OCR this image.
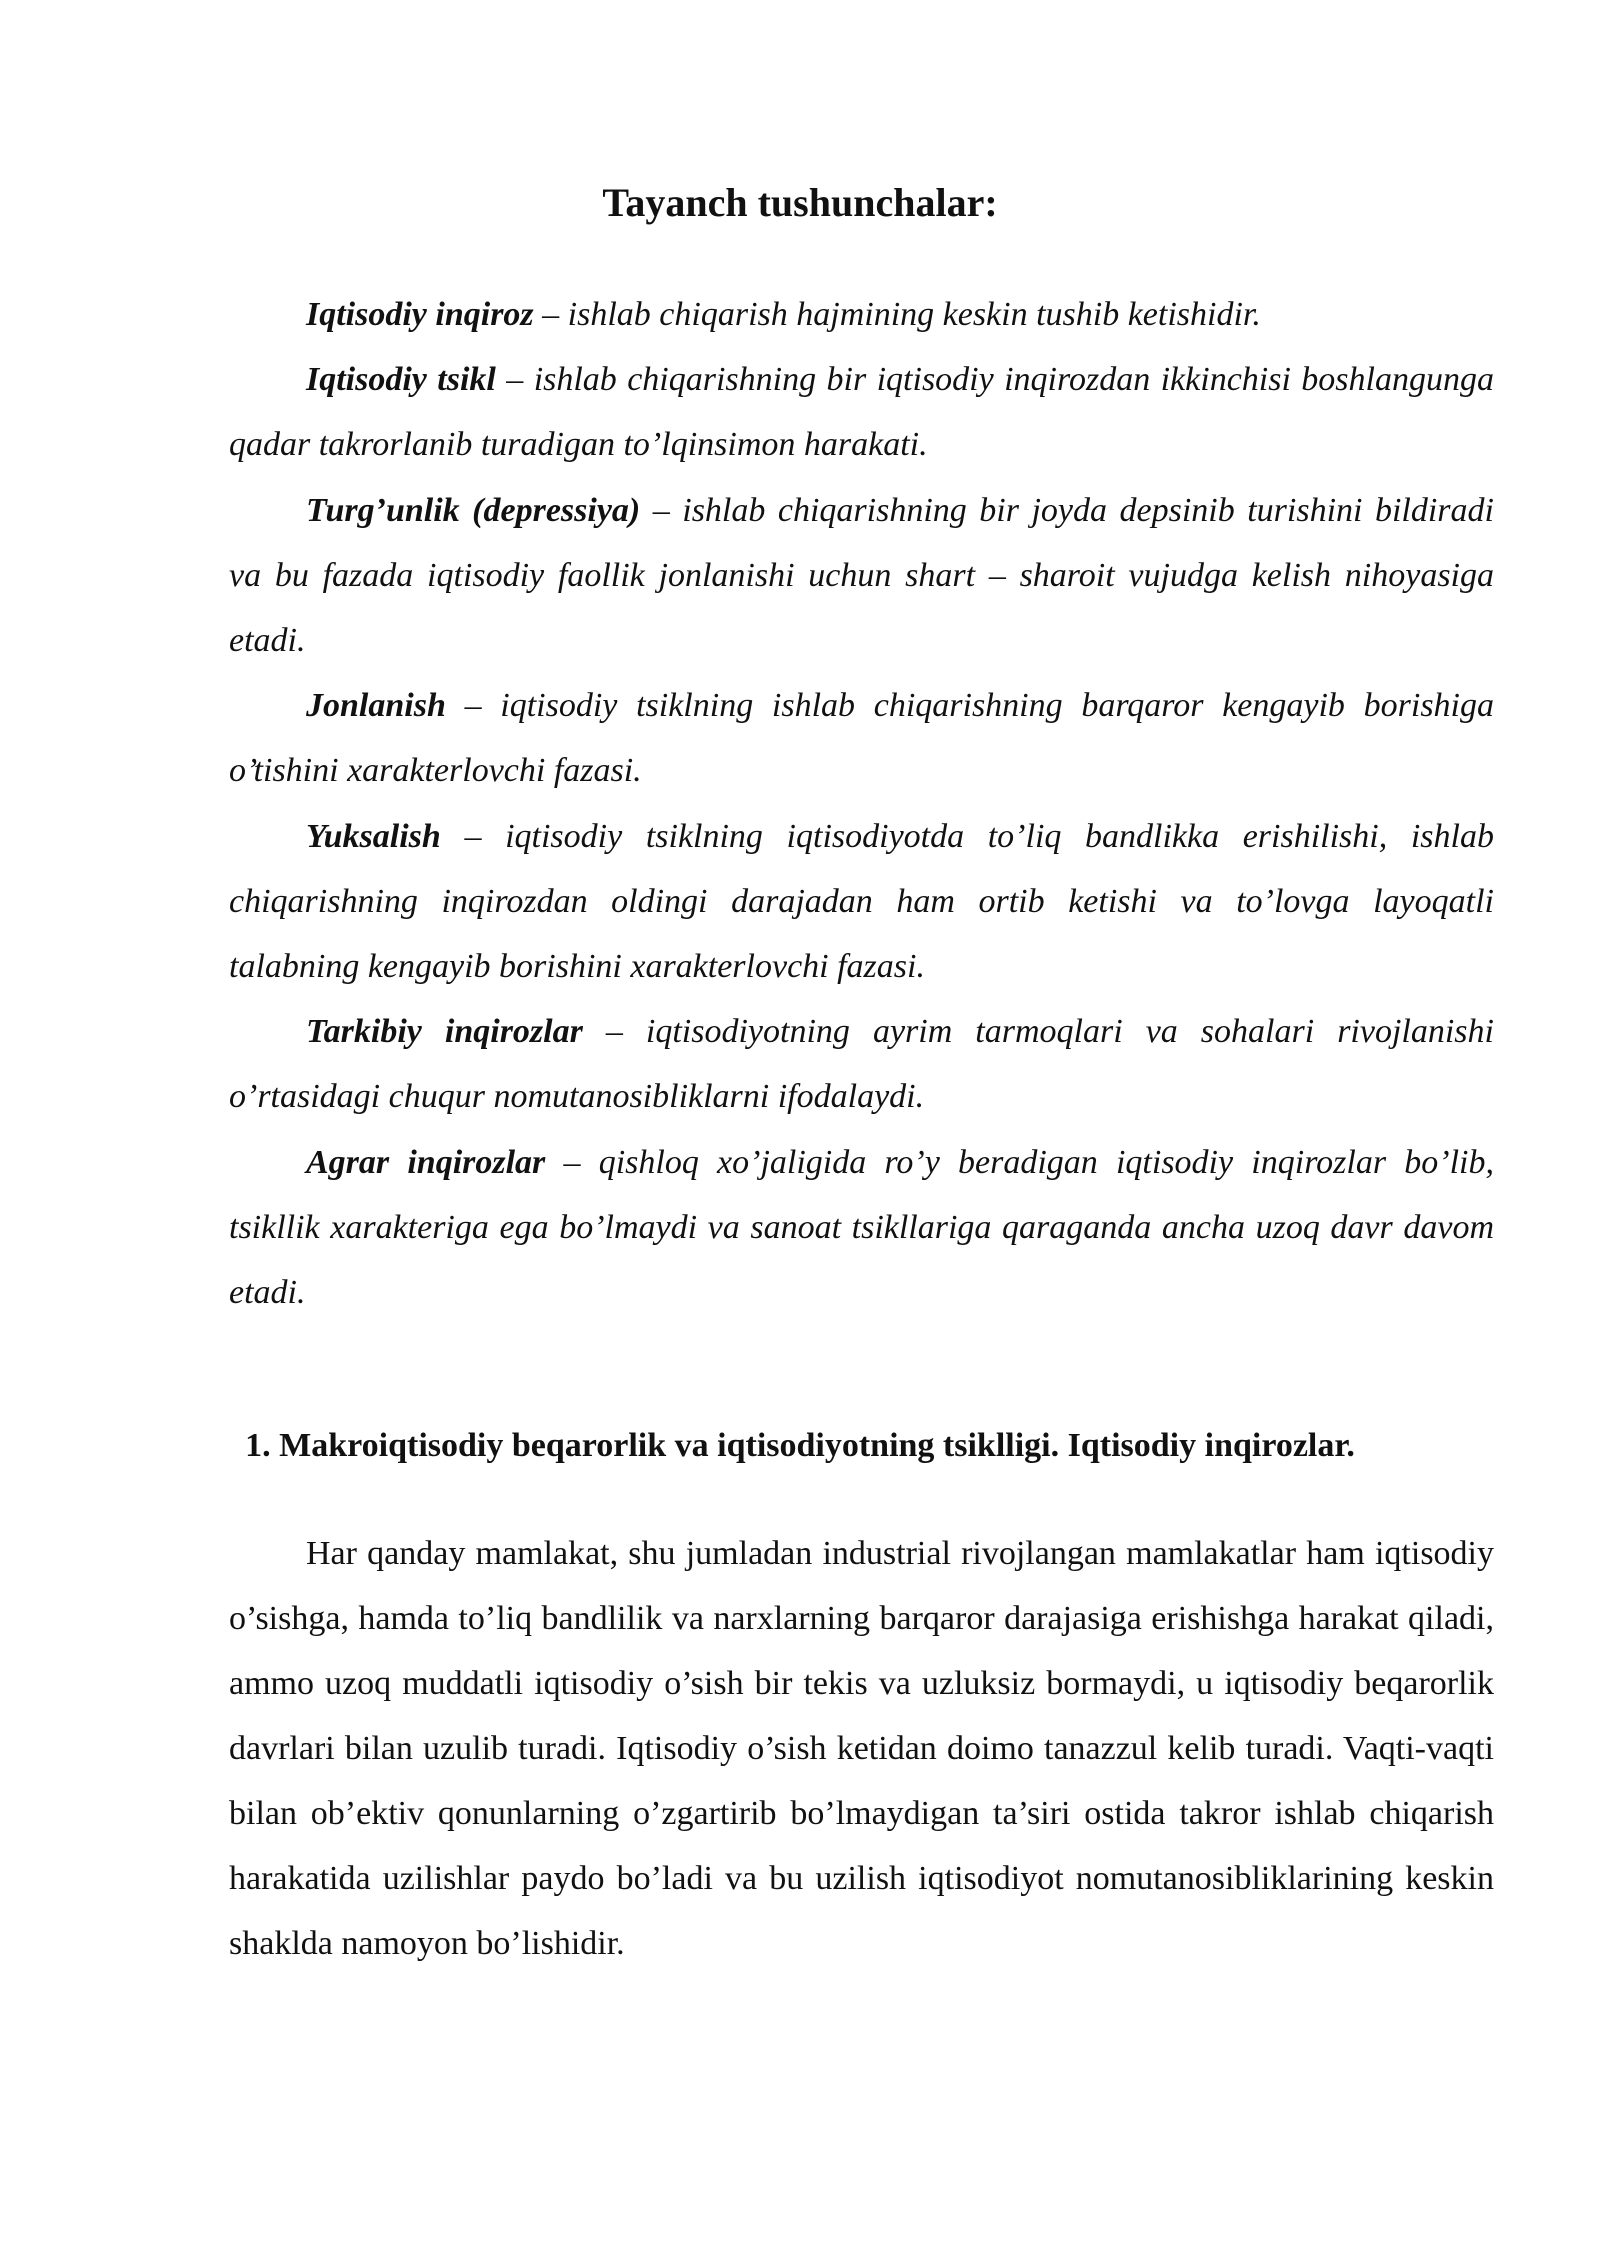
Tayanch tushunchalar:

Iqtisodiy inqiroz – ishlab chiqarish hajmining keskin tushib ketishidir.

Iqtisodiy tsikl – ishlab chiqarishning bir iqtisodiy inqirozdan ikkinchisi boshlangunga qadar takrorlanib turadigan to’lqinsimon harakati.

Turg’unlik (depressiya) – ishlab chiqarishning bir joyda depsinib turishini bildiradi va bu fazada iqtisodiy faollik jonlanishi uchun shart – sharoit vujudga kelish nihoyasiga etadi.

Jonlanish – iqtisodiy tsiklning ishlab chiqarishning barqaror kengayib borishiga o’tishini xarakterlovchi fazasi.

Yuksalish – iqtisodiy tsiklning iqtisodiyotda to’liq bandlikka erishilishi, ishlab chiqarishning inqirozdan oldingi darajadan ham ortib ketishi va to’lovga layoqatli talabning kengayib borishini xarakterlovchi fazasi.

Tarkibiy inqirozlar – iqtisodiyotning ayrim tarmoqlari va sohalari rivojlanishi o’rtasidagi chuqur nomutanosibliklarni ifodalaydi.

Agrar inqirozlar – qishloq xo’jaligida ro’y beradigan iqtisodiy inqirozlar bo’lib, tsikllik xarakteriga ega bo’lmaydi va sanoat tsikllariga qaraganda ancha uzoq davr davom etadi.

1. Makroiqtisodiy beqarorlik va iqtisodiyotning tsiklligi. Iqtisodiy inqirozlar.

Har qanday mamlakat, shu jumladan industrial rivojlangan mamlakatlar ham iqtisodiy o’sishga, hamda to’liq bandlilik va narxlarning barqaror darajasiga erishishga harakat qiladi, ammo uzoq muddatli iqtisodiy o’sish bir tekis va uzluksiz bormaydi, u iqtisodiy beqarorlik davrlari bilan uzulib turadi. Iqtisodiy o’sish ketidan doimo tanazzul kelib turadi. Vaqti-vaqti bilan ob’ektiv qonunlarning o’zgartirib bo’lmaydigan ta’siri ostida takror ishlab chiqarish harakatida uzilishlar paydo bo’ladi va bu uzilish iqtisodiyot nomutanosibliklarining keskin shaklda namoyon bo’lishidir.
